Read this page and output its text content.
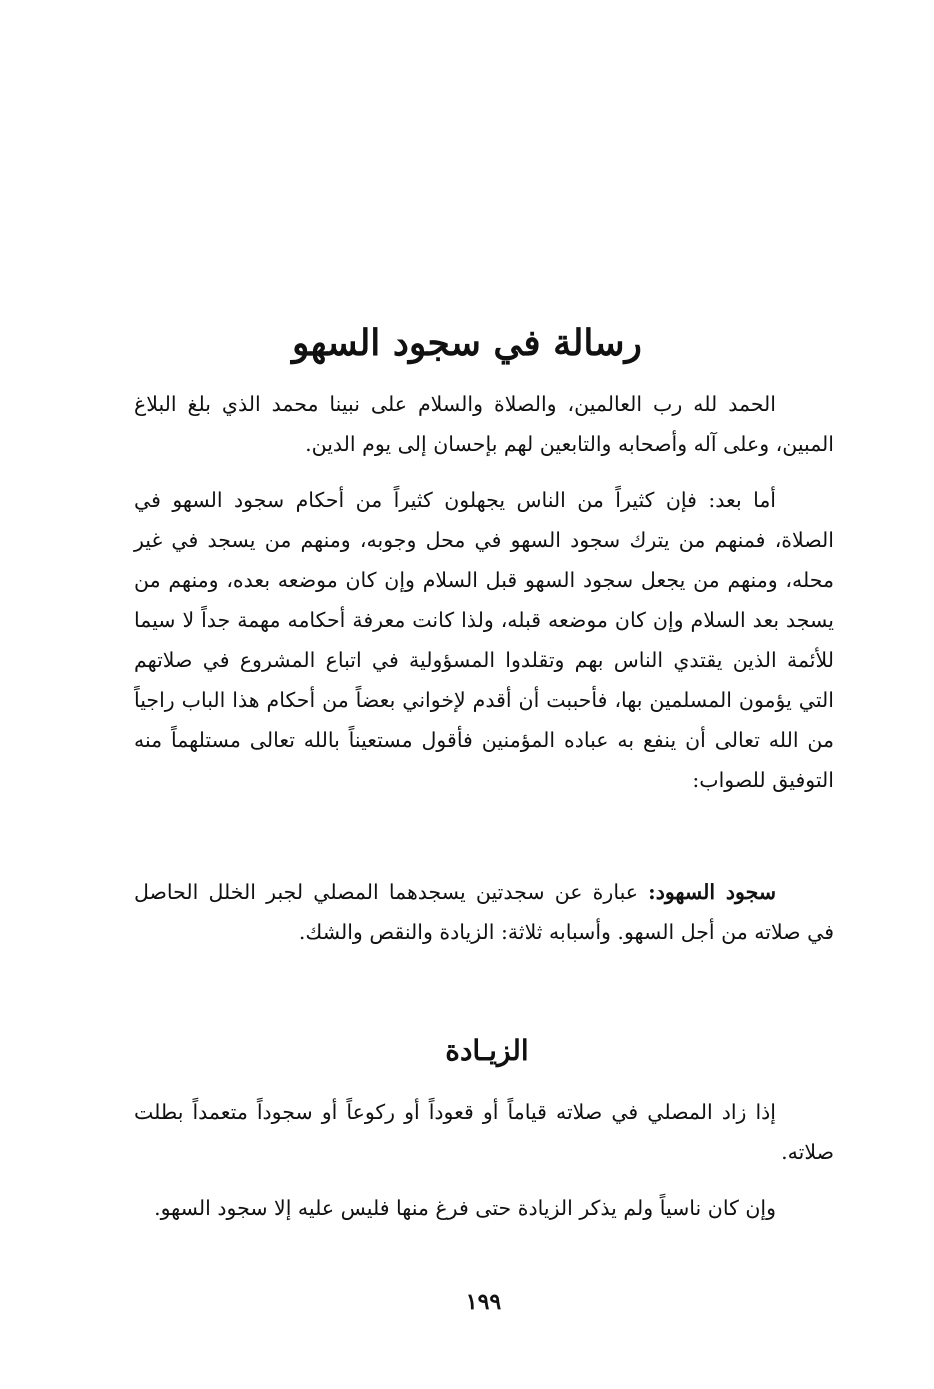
رسالة في سجود السهو

الحمد لله رب العالمين، والصلاة والسلام على نبينا محمد الذي بلغ البلاغ المبين، وعلى آله وأصحابه والتابعين لهم بإحسان إلى يوم الدين.

أما بعد: فإن كثيراً من الناس يجهلون كثيراً من أحكام سجود السهو في الصلاة، فمنهم من يترك سجود السهو في محل وجوبه، ومنهم من يسجد في غير محله، ومنهم من يجعل سجود السهو قبل السلام وإن كان موضعه بعده، ومنهم من يسجد بعد السلام وإن كان موضعه قبله، ولذا كانت معرفة أحكامه مهمة جداً لا سيما للأئمة الذين يقتدي الناس بهم وتقلدوا المسؤولية في اتباع المشروع في صلاتهم التي يؤمون المسلمين بها، فأحببت أن أقدم لإخواني بعضاً من أحكام هذا الباب راجياً من الله تعالى أن ينفع به عباده المؤمنين فأقول مستعيناً بالله تعالى مستلهماً منه التوفيق للصواب:

سجود السهود: عبارة عن سجدتين يسجدهما المصلي لجبر الخلل الحاصل في صلاته من أجل السهو. وأسبابه ثلاثة: الزيادة والنقص والشك.

الزيـادة

إذا زاد المصلي في صلاته قياماً أو قعوداً أو ركوعاً أو سجوداً متعمداً بطلت صلاته.

وإن كان ناسياً ولم يذكر الزيادة حتى فرغ منها فليس عليه إلا سجود السهو.

١٩٩
